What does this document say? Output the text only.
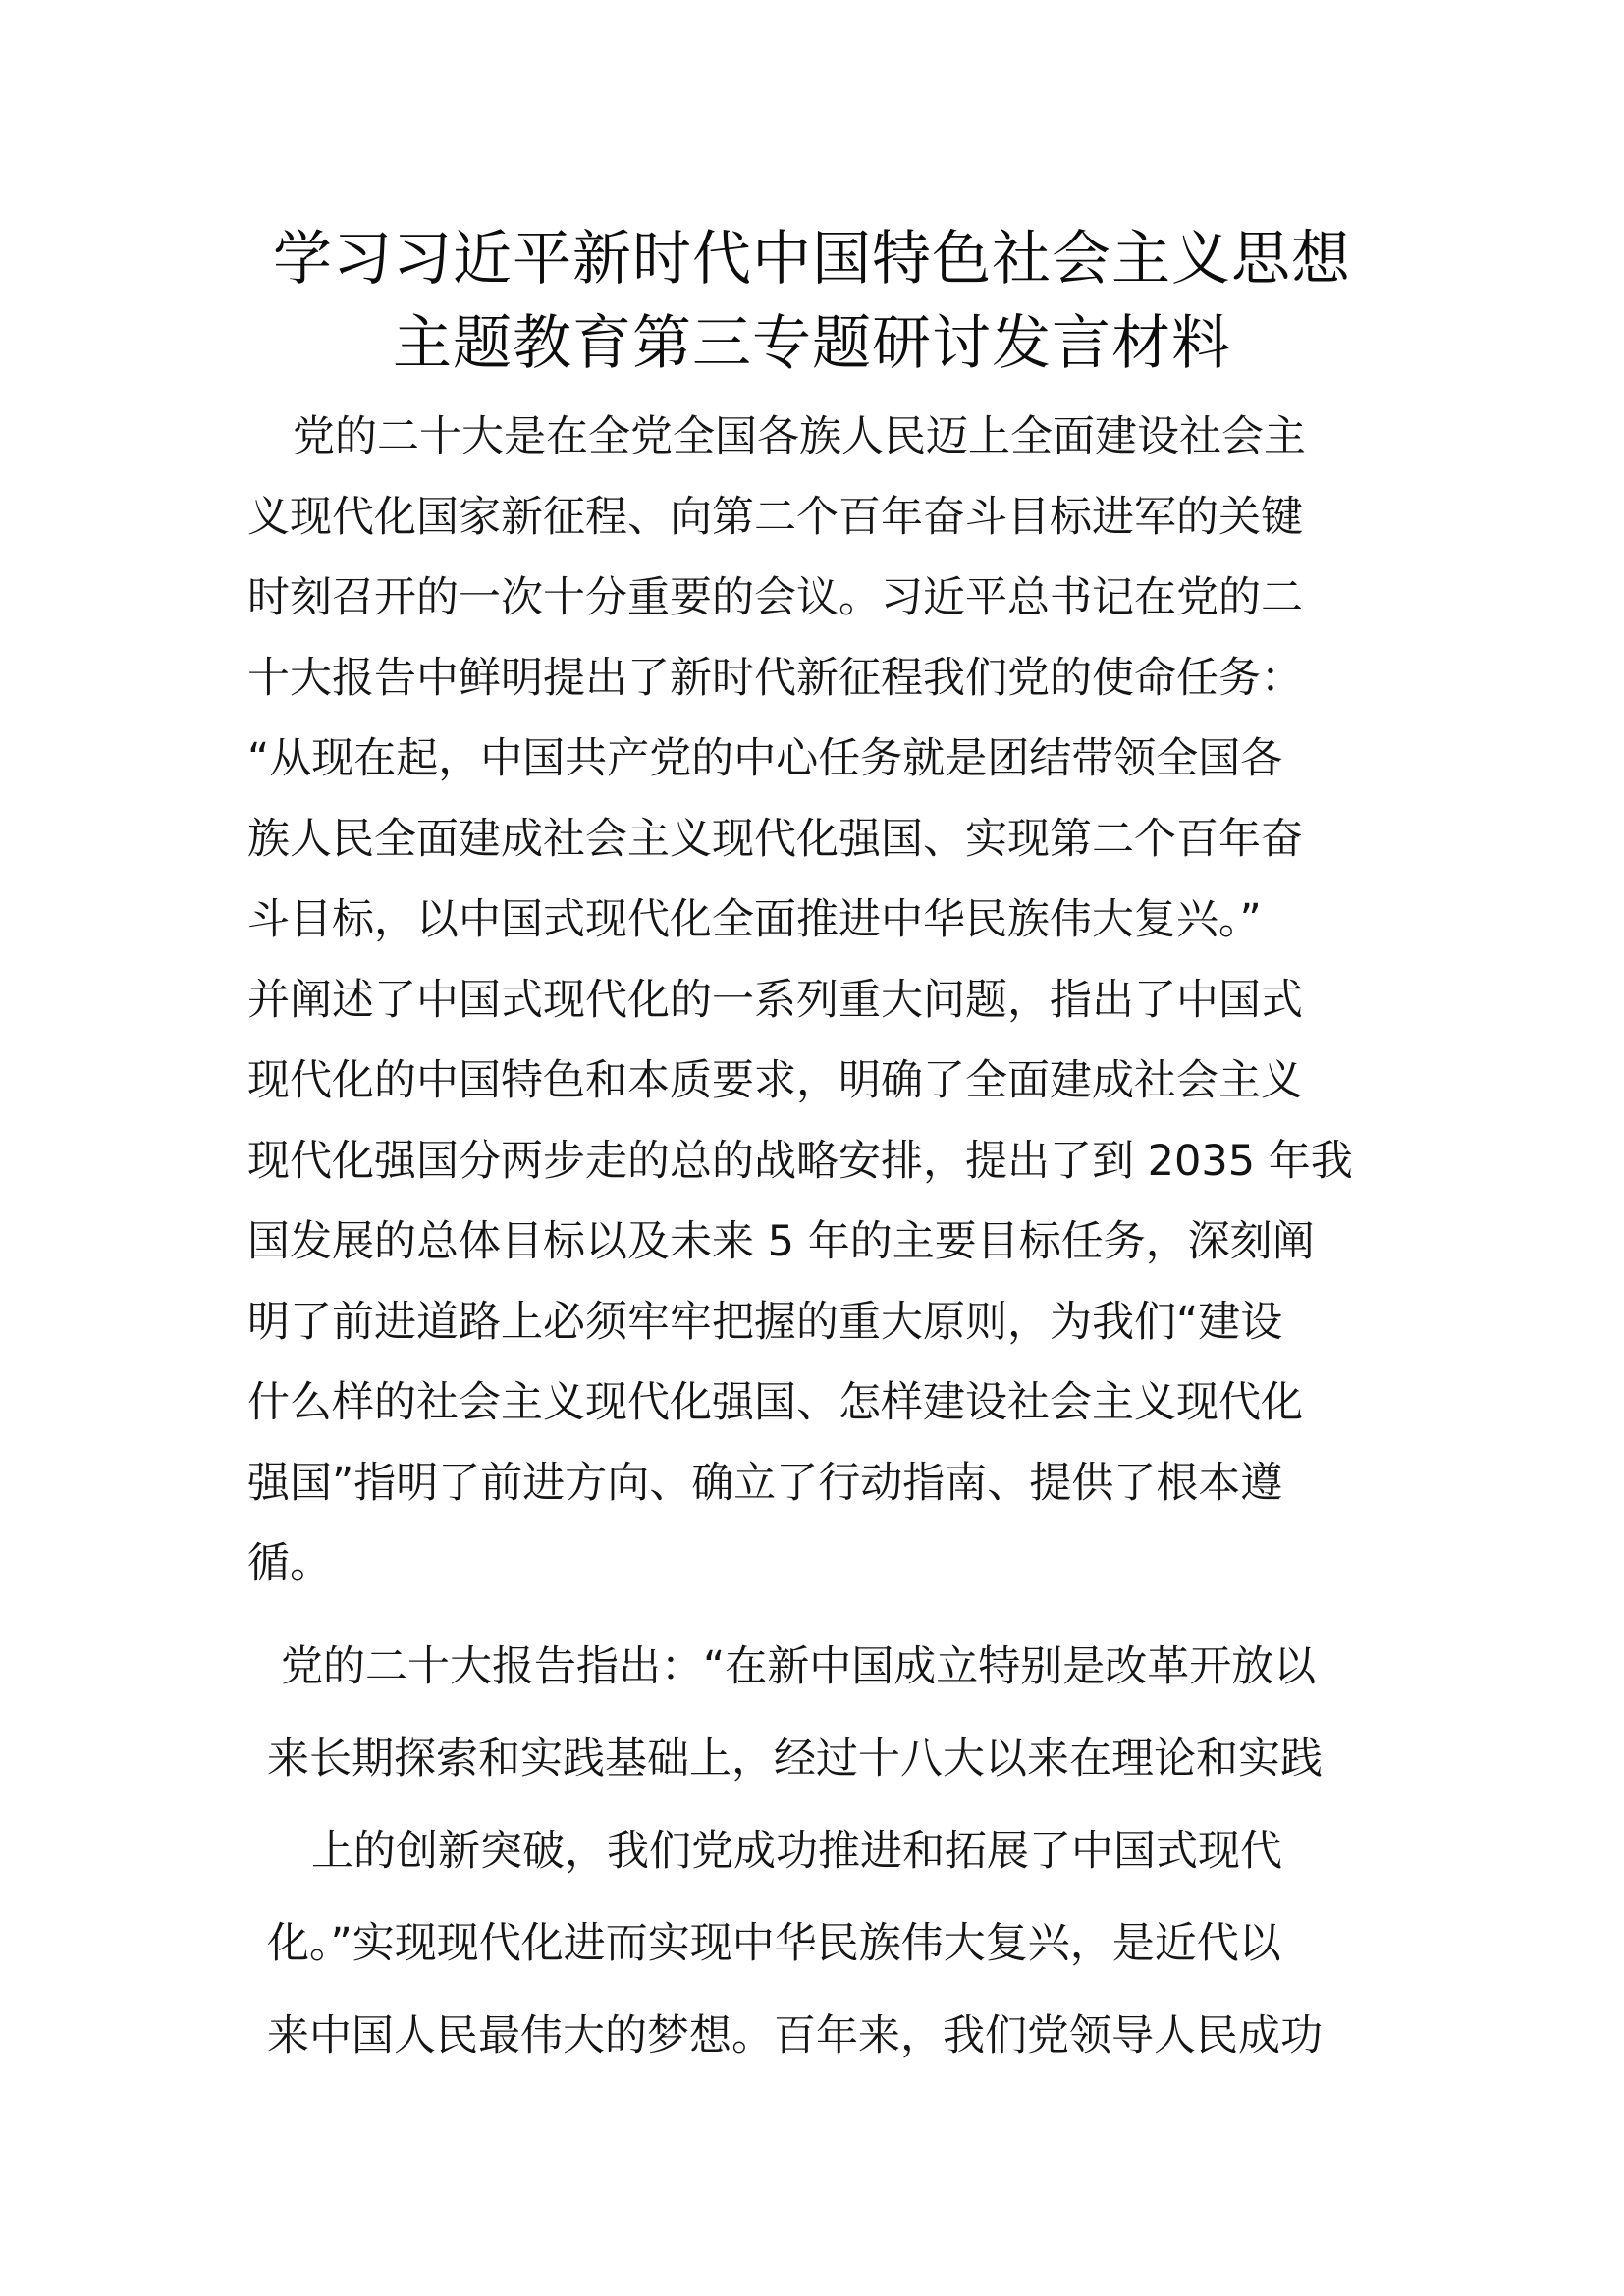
学习习近平新时代中国特色社会主义思想
主题教育第三专题研讨发言材料

党的二十大是在全党全国各族人民迈上全面建设社会主

义现代化国家新征程、向第二个百年奋斗目标进军的关键

时刻召开的一次十分重要的会议。习近平总书记在党的二

十大报告中鲜明提出了新时代新征程我们党的使命任务：

“从现在起，中国共产党的中心任务就是团结带领全国各

族人民全面建成社会主义现代化强国、实现第二个百年奋

斗目标，以中国式现代化全面推进中华民族伟大复兴。”

并阐述了中国式现代化的一系列重大问题，指出了中国式

现代化的中国特色和本质要求，明确了全面建成社会主义

现代化强国分两步走的总的战略安排，提出了到 2035 年我

国发展的总体目标以及未来 5 年的主要目标任务，深刻阐

明了前进道路上必须牢牢把握的重大原则，为我们“建设

什么样的社会主义现代化强国、怎样建设社会主义现代化

强国”指明了前进方向、确立了行动指南、提供了根本遵

循。

党的二十大报告指出：“在新中国成立特别是改革开放以

来长期探索和实践基础上，经过十八大以来在理论和实践

上的创新突破，我们党成功推进和拓展了中国式现代

化。”实现现代化进而实现中华民族伟大复兴，是近代以

来中国人民最伟大的梦想。百年来，我们党领导人民成功
